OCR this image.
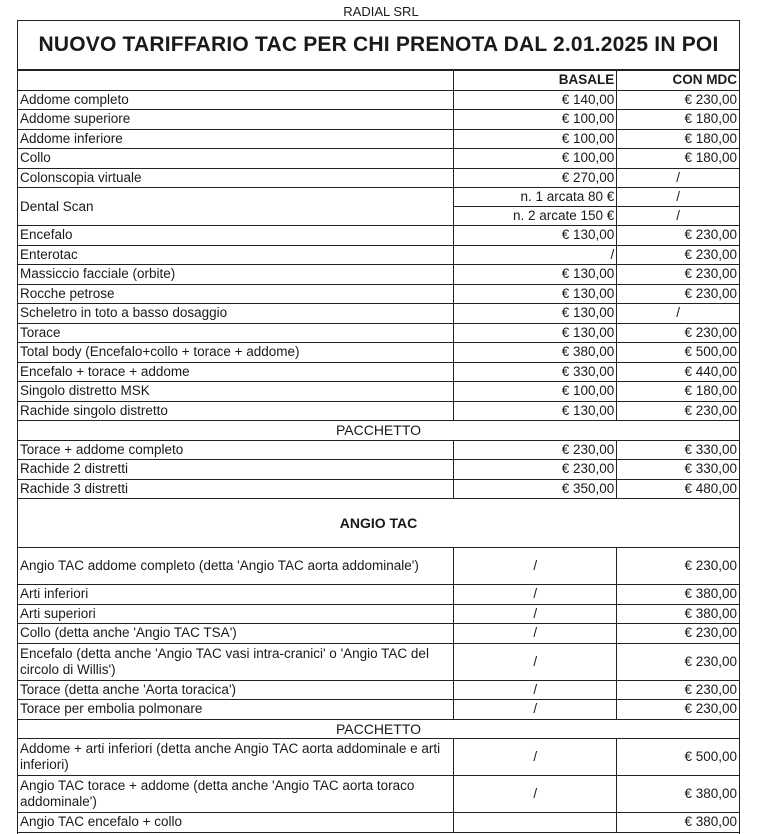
RADIAL SRL
NUOVO TARIFFARIO TAC PER CHI PRENOTA DAL 2.01.2025 IN POI
	BASALE	CON MDC
Addome completo	€ 140,00	€ 230,00
Addome superiore	€ 100,00	€ 180,00
Addome inferiore	€ 100,00	€ 180,00
Collo	€ 100,00	€ 180,00
Colonscopia virtuale	€ 270,00	/
Dental Scan	n. 1 arcata 80 €	/
	n. 2 arcate 150 €	/
Encefalo	€ 130,00	€ 230,00
Enterotac	/	€ 230,00
Massiccio facciale (orbite)	€ 130,00	€ 230,00
Rocche petrose	€ 130,00	€ 230,00
Scheletro in toto a basso dosaggio	€ 130,00	/
Torace	€ 130,00	€ 230,00
Total body (Encefalo+collo + torace + addome)	€ 380,00	€ 500,00
Encefalo + torace + addome	€ 330,00	€ 440,00
Singolo distretto MSK	€ 100,00	€ 180,00
Rachide singolo distretto	€ 130,00	€ 230,00
PACCHETTO		
Torace + addome completo	€ 230,00	€ 330,00
Rachide 2 distretti	€ 230,00	€ 330,00
Rachide 3 distretti	€ 350,00	€ 480,00
ANGIO TAC		
Angio TAC addome completo (detta 'Angio TAC aorta addominale')	/	€ 230,00
Arti inferiori	/	€ 380,00
Arti superiori	/	€ 380,00
Collo (detta anche 'Angio TAC TSA')	/	€ 230,00
Encefalo (detta anche 'Angio TAC vasi intra-cranici' o 'Angio TAC del circolo di Willis')	/	€ 230,00
Torace (detta anche 'Aorta toracica')	/	€ 230,00
Torace per embolia polmonare	/	€ 230,00
PACCHETTO		
Addome + arti inferiori (detta anche Angio TAC aorta addominale e arti inferiori)	/	€ 500,00
Angio TAC torace + addome (detta anche 'Angio TAC aorta toraco addominale')	/	€ 380,00
Angio TAC encefalo + collo		€ 380,00
